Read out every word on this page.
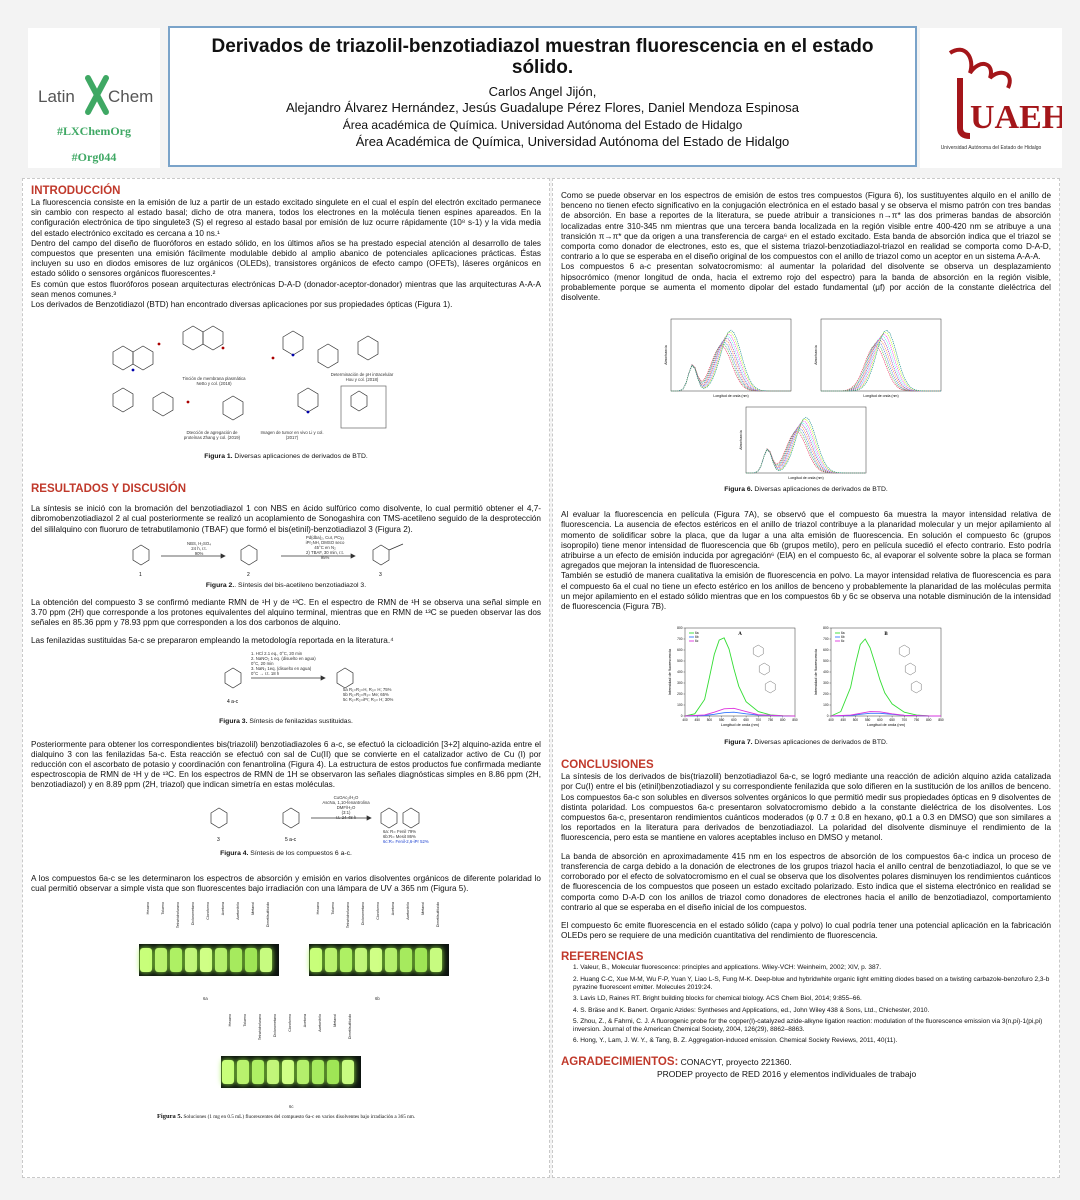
Latin Chem
#LXChemOrg
#Org044
Derivados de triazolil-benzotiadiazol muestran fluorescencia en el estado sólido.
Carlos Angel Jijón,
Alejandro Álvarez Hernández, Jesús Guadalupe Pérez Flores, Daniel Mendoza Espinosa
Área académica de Química. Universidad Autónoma del Estado de Hidalgo
Área Académica de Química, Universidad Autónoma del Estado de Hidalgo
UAEH
Universidad Autónoma del Estado de Hidalgo
INTRODUCCIÓN
La fluorescencia consiste en la emisión de luz a partir de un estado excitado singulete en el cual el espín del electrón excitado permanece sin cambio con respecto al estado basal; dicho de otra manera, todos los electrones en la molécula tienen espines apareados. En la configuración electrónica de tipo singulete3 (S) el regreso al estado basal por emisión de luz ocurre rápidamente (10⁸ s-1) y la vida media del estado electrónico excitado es cercana a 10 ns.¹
Dentro del campo del diseño de fluoróforos en estado sólido, en los últimos años se ha prestado especial atención al desarrollo de tales compuestos que presenten una emisión fácilmente modulable debido al amplio abanico de potenciales aplicaciones prácticas. Éstas incluyen su uso en diodos emisores de luz orgánicos (OLEDs), transistores orgánicos de efecto campo (OFETs), láseres orgánicos en estado sólido o sensores orgánicos fluorescentes.²
Es común que estos fluoróforos posean arquitecturas electrónicas D-A-D (donador-aceptor-donador) mientras que las arquitecturas A-A-A sean menos comunes.³
Los derivados de Benzotidiazol (BTD) han encontrado diversas aplicaciones por sus propiedades ópticas (Figura 1).
Tinción de membrana plasmática Netto y col. (2018)
Determinación de pH intracelular Hou y col. (2018)
Dtección de agregación de proteínas Zhang y col. (2019)
Imagen de tumor en vivo Li y col. (2017)
Figura 1. Diversas aplicaciones de derivados de BTD.
RESULTADOS Y DISCUSIÓN
La síntesis se inició con la bromación del benzotiadiazol 1 con NBS en ácido sulfúrico como disolvente, lo cual permitió obtener el 4,7-dibromobenzotiadiazol 2 al cual posteriormente se realizó un acoplamiento de Sonogashira con TMS-acetileno seguido de la desprotección del sililalquino con fluoruro de tetrabutilamonio (TBAF) que formó el bis(etinil)-benzotiadiazol 3 (Figura 2).
1	2	3
NBS, H₂SO₄
24 h, r.t.
90%
Pd(dba)₂, CuI, PCy₃
iPr₂NH, DMSO seco
45°C en N₂
2) TBAF, 30 min, r.t.
95%
Figura 2.. Síntesis del bis-acetileno benzotiadiazol 3.
La obtención del compuesto 3 se confirmó mediante RMN de ¹H y de ¹³C. En el espectro de RMN de ¹H se observa una señal simple en 3.70 ppm (2H) que corresponde a los protones equivalentes del alquino terminal, mientras que en RMN de ¹³C se pueden observar las dos señales en 85.36 ppm y 78.93 ppm que corresponden a los dos carbonos de alquino.
Las fenilazidas sustituidas 5a-c se prepararon empleando la metodología reportada en la literatura.⁴
4 a-c
1. HCl 2.1 eq., 0°C, 20 min
2. NaNO₂ 1 eq. (disuelto en agua)
0°C, 20 min
3. NaN₃ 1eq. (disuelto en agua)
0°C → r.t. 18 h
5a R₁=R₂=H, R₃= H; 75%
5b R₁=R₂=R₃= Me; 65%
5c R₁=R₂=iPr; R₃= H; 30%
Figura 3. Síntesis de fenilazidas sustituidas.
Posteriormente para obtener los correspondientes bis(triazolil) benzotiadiazoles 6 a-c, se efectuó la cicloadición [3+2] alquino-azida entre el dialquino 3 con las fenilazidas 5a-c. Esta reacción se efectuó con sal de Cu(II) que se convierte en el catalizador activo de Cu (I) por reducción con el ascorbato de potasio y coordinación con fenantrolina (Figura 4). La estructura de estos productos fue confirmada mediante espectroscopia de RMN de ¹H y de ¹³C. En los espectros de RMN de 1H se observaron las señales diagnósticas simples en 8.86 ppm (2H, benzotiadiazol) y en 8.89 ppm (2H, triazol) que indican simetría en estas moléculas.
3	5 a-c
CuOAc₂/H₂O
AscNa, 1,10-fenantrolina
DMF/H₂O
(3:1)
r.t. 24-48 h
6a: R= Fenil 79%
6b:R= Mesit 86%
6c:R= Fenil-2,6-iPr 52%
Figura 4. Síntesis de los compuestos 6 a-c.
A los compuestos 6a-c se les determinaron los espectros de absorción y emisión en varios disolventes orgánicos de diferente polaridad lo cual permitió observar a simple vista que son fluorescentes bajo irradiación con una lámpara de UV a 365 nm (Figura 5).
Hexano	Tolueno	Tetrahidrofurano	Diclorometano	Cloroformo	Acetona	Acetonitrilo	Metanol	Dimetilsulfóxido	Hexano	Tolueno	Tetrahidrofurano	Diclorometano	Cloroformo	Acetona	Acetonitrilo	Metanol	Dimetilsulfóxido
Hexano	Tolueno	Tetrahidrofurano	Diclorometano	Cloroformo	Acetona	Acetonitrilo	Metanol	Dimetilsulfóxido
6a	6b
6c
Figura 5. Soluciones (1 mg en 0.5 mL) fluorescentes del compuesto 6a-c en varios disolventes bajo irradiación a 365 nm.
Como se puede observar en los espectros de emisión de estos tres compuestos (Figura 6), los sustituyentes alquilo en el anillo de benceno no tienen efecto significativo en la conjugación electrónica en el estado basal y se observa el mismo patrón con tres bandas de absorción. En base a reportes de la literatura, se puede atribuir a transiciones n→π* las dos primeras bandas de absorción localizadas entre 310-345 nm mientras que una tercera banda localizada en la región visible entre 400-420 nm se atribuye a una transición π→π* que da origen a una transferencia de carga⁶ en el estado excitado. Esta banda de absorción indica que el triazol se comporta como donador de electrones, esto es, que el sistema triazol-benzotiadiazol-triazol en realidad se comporta como D-A-D, contrario a lo que se esperaba en el diseño original de los compuestos con el anillo de triazol como un aceptor en un sistema A-A-A.
Los compuestos 6 a-c presentan solvatocromismo: al aumentar la polaridad del disolvente se observa un desplazamiento hipsocrómico (menor longitud de onda, hacia el extremo rojo del espectro) para la banda de absorción en la región visible, probablemente porque se aumenta el momento dipolar del estado fundamental (μf) por acción de la constante dieléctrica del disolvente.
Longitud de onda (nm)
Absorbancia
Longitud de onda (nm)
Absorbancia
Longitud de onda (nm)
Absorbancia
Figura 6. Diversas aplicaciones de derivados de BTD.
Al evaluar la fluorescencia en película (Figura 7A), se observó que el compuesto 6a muestra la mayor intensidad relativa de fluorescencia. La ausencia de efectos estéricos en el anillo de triazol contribuye a la planaridad molecular y un mejor apilamiento al momento de solidificar sobre la placa, que da lugar a una alta emisión de fluorescencia. En solución el compuesto 6c (grupos isopropilo) tiene menor intensidad de fluorescencia que 6b (grupos metilo), pero en película sucedió el efecto contrario. Esto podría atribuirse a un efecto de emisión inducida por agregación⁶ (EIA) en el compuesto 6c, al evaporar el solvente sobre la placa se forman agregados que mejoran la intensidad de fluorescencia.
También se estudió de manera cualitativa la emisión de fluorescencia en polvo. La mayor intensidad relativa de fluorescencia es para el compuesto 6a el cual no tiene un efecto estérico en los anillos de benceno y probablemente la planaridad de las moléculas permita un mejor apilamiento en el estado sólido mientras que en los compuestos 6b y 6c se observa una notable disminución de la intensidad de fluorescencia (Figura 7B).
400 450 500 550 600 650 700 750 800 850
0
100
200
300
400
500
600
700
800
Longitud de onda (nm)
Intensidad de fluorescencia
A
6a
6b
6c
400 450 500 550 600 650 700 750 800 850
0
100
200
300
400
500
600
700
800
Longitud de onda (nm)
Intensidad de fluorescencia
B
6a
6b
6c
Figura 7. Diversas aplicaciones de derivados de BTD.
CONCLUSIONES
La síntesis de los derivados de bis(triazolil) benzotiadiazol 6a-c, se logró mediante una reacción de adición alquino azida catalizada por Cu(I) entre el bis (etinil)benzotiadiazol y su correspondiente fenilazida que solo difieren en la sustitución de los anillos de benceno. Los compuestos 6a-c son solubles en diversos solventes orgánicos lo que permitió medir sus propiedades ópticas en 9 disolventes de distinta polaridad. Los compuestos 6a-c presentaron solvatocromismo debido a la constante dieléctrica de los disolventes. Los compuestos 6a-c, presentaron rendimientos cuánticos moderados (φ 0.7 ± 0.8 en hexano, φ0.1 a 0.3 en DMSO) que son similares a los reportados en la literatura para derivados de benzotiadiazol. La polaridad del disolvente disminuye el rendimiento de la fluorescencia, pero esta se mantiene en valores aceptables incluso en DMSO y metanol.
La banda de absorción en aproximadamente 415 nm en los espectros de absorción de los compuestos 6a-c indica un proceso de transferencia de carga debido a la donación de electrones de los grupos triazol hacia el anillo central de benzotiadiazol, lo que se ve corroborado por el efecto de solvatocromismo en el cual se observa que los disolventes polares disminuyen los rendimientos cuánticos de fluorescencia de los compuestos que poseen un estado excitado polarizado. Esto indica que el sistema electrónico en realidad se comporta como D-A-D con los anillos de triazol como donadores de electrones hacia el anillo de benzotiadiazol, comportamiento contrario al que se esperaba en el diseño inicial de los compuestos.
El compuesto 6c emite fluorescencia en el estado sólido (capa y polvo) lo cual podría tener una potencial aplicación en la fabricación OLEDs pero se requiere de una medición cuantitativa del rendimiento de fluorescencia.
REFERENCIAS
1. Valeur, B., Molecular fluorescence: principles and applications. Wiley-VCH: Weinheim, 2002; XIV, p. 387.
2. Huang C-C, Xue M-M, Wu F-P, Yuan Y, Liao L-S, Fung M-K. Deep-blue and hybridwhite organic light emitting diodes based on a twisting carbazole-benzofuro 2,3-b pyrazine fluorescent emitter. Molecules 2019:24.
3. Lavis LD, Raines RT. Bright building blocks for chemical biology. ACS Chem Biol, 2014; 9:855–66.
4. S. Bräse and K. Banert. Organic Azides: Syntheses and Applications, ed., John Wiley 438 & Sons, Ltd., Chichester, 2010.
5. Zhou, Z., & Fahrni, C. J. A fluorogenic probe for the copper(I)-catalyzed azide-alkyne ligation reaction: modulation of the fluorescence emission via 3(n,pi)-1(pi,pi) inversion. Journal of the American Chemical Society, 2004, 126(29), 8862–8863.
6. Hong, Y., Lam, J. W. Y., & Tang, B. Z. Aggregation-induced emission. Chemical Society Reviews, 2011, 40(11).
AGRADECIMIENTOS: CONACYT, proyecto 221360.
PRODEP proyecto de RED 2016 y elementos individuales de trabajo
